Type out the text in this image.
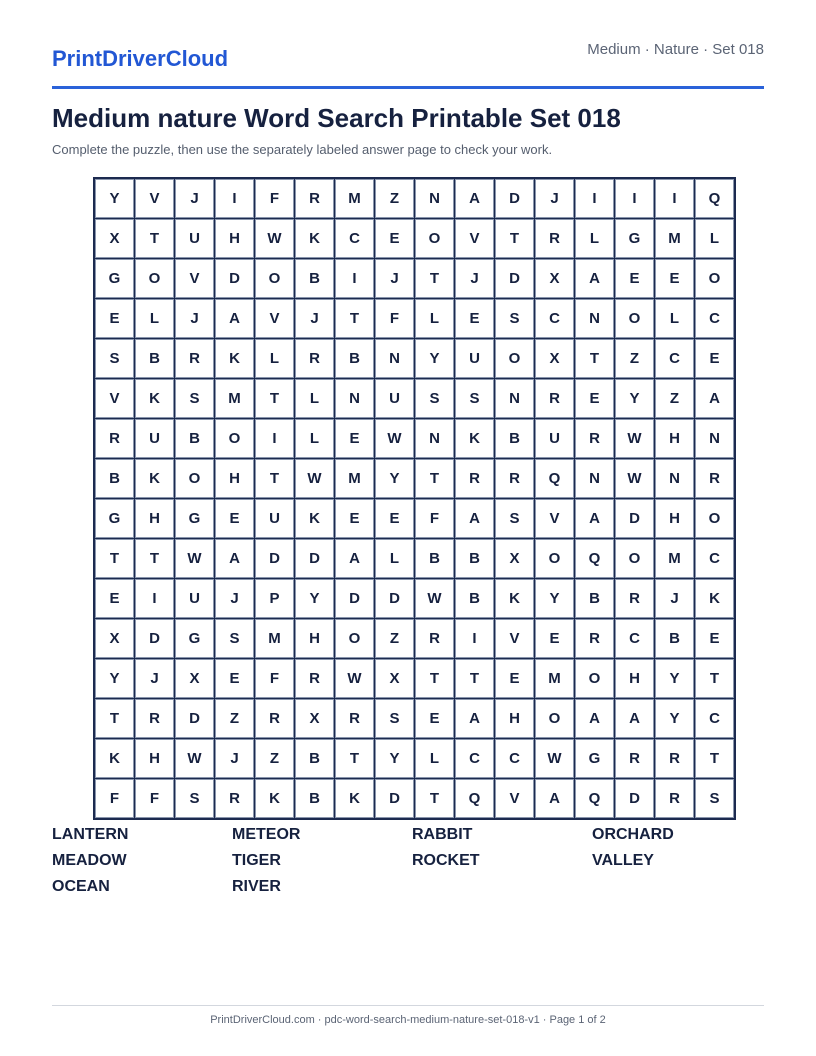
PrintDriverCloud	Medium · Nature · Set 018
Medium nature Word Search Printable Set 018
Complete the puzzle, then use the separately labeled answer page to check your work.
Y	V	J	I	F	R	M	Z	N	A	D	J	I	I	I	Q
X	T	U	H	W	K	C	E	O	V	T	R	L	G	M	L
G	O	V	D	O	B	I	J	T	J	D	X	A	E	E	O
E	L	J	A	V	J	T	F	L	E	S	C	N	O	L	C
S	B	R	K	L	R	B	N	Y	U	O	X	T	Z	C	E
V	K	S	M	T	L	N	U	S	S	N	R	E	Y	Z	A
R	U	B	O	I	L	E	W	N	K	B	U	R	W	H	N
B	K	O	H	T	W	M	Y	T	R	R	Q	N	W	N	R
G	H	G	E	U	K	E	E	F	A	S	V	A	D	H	O
T	T	W	A	D	D	A	L	B	B	X	O	Q	O	M	C
E	I	U	J	P	Y	D	D	W	B	K	Y	B	R	J	K
X	D	G	S	M	H	O	Z	R	I	V	E	R	C	B	E
Y	J	X	E	F	R	W	X	T	T	E	M	O	H	Y	T
T	R	D	Z	R	X	R	S	E	A	H	O	A	A	Y	C
K	H	W	J	Z	B	T	Y	L	C	C	W	G	R	R	T
F	F	S	R	K	B	K	D	T	Q	V	A	Q	D	R	S
LANTERN	METEOR	RABBIT	ORCHARD
MEADOW	TIGER	ROCKET	VALLEY
OCEAN	RIVER
PrintDriverCloud.com · pdc-word-search-medium-nature-set-018-v1 · Page 1 of 2
